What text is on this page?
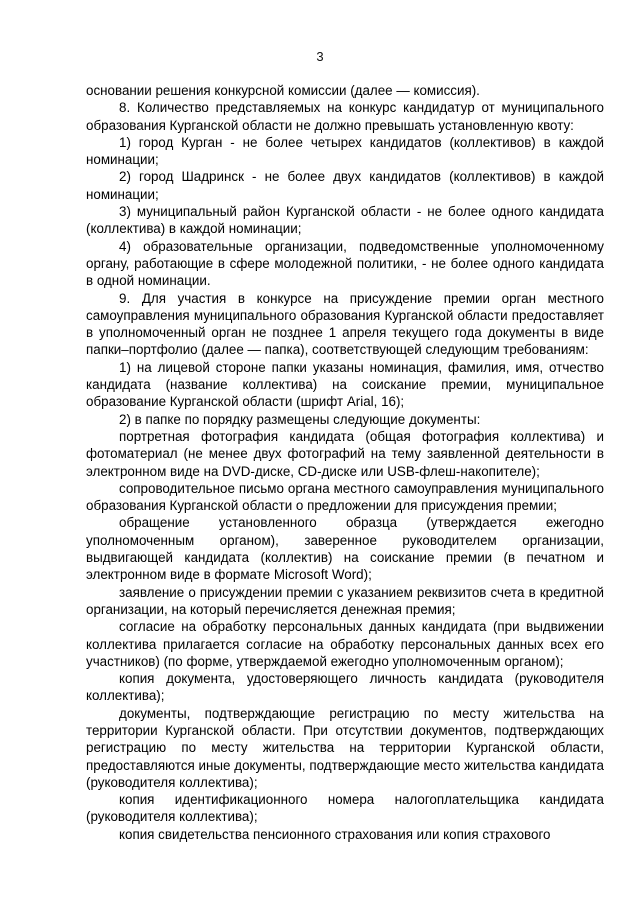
3

основании решения конкурсной комиссии (далее — комиссия).

8. Количество представляемых на конкурс кандидатур от муниципального образования Курганской области не должно превышать установленную квоту:

1) город Курган - не более четырех кандидатов (коллективов) в каждой номинации;

2) город Шадринск - не более двух кандидатов (коллективов) в каждой номинации;

3) муниципальный район Курганской области - не более одного кандидата (коллектива) в каждой номинации;

4) образовательные организации, подведомственные уполномоченному органу, работающие в сфере молодежной политики, - не более одного кандидата в одной номинации.

9. Для участия в конкурсе на присуждение премии орган местного самоуправления муниципального образования Курганской области предоставляет в уполномоченный орган не позднее 1 апреля текущего года документы в виде папки–портфолио (далее — папка), соответствующей следующим требованиям:

1) на лицевой стороне папки указаны номинация, фамилия, имя, отчество кандидата (название коллектива) на соискание премии, муниципальное образование Курганской области (шрифт Arial, 16);

2) в папке по порядку размещены следующие документы:

портретная фотография кандидата (общая фотография коллектива) и фотоматериал (не менее двух фотографий на тему заявленной деятельности в электронном виде на DVD-диске, CD-диске или USB-флеш-накопителе);

сопроводительное письмо органа местного самоуправления муниципального образования Курганской области о предложении для присуждения премии;

обращение установленного образца (утверждается ежегодно уполномоченным органом), заверенное руководителем организации, выдвигающей кандидата (коллектив) на соискание премии (в печатном и электронном виде в формате Microsoft Word);

заявление о присуждении премии с указанием реквизитов счета в кредитной организации, на который перечисляется денежная премия;

согласие на обработку персональных данных кандидата (при выдвижении коллектива прилагается согласие на обработку персональных данных всех его участников) (по форме, утверждаемой ежегодно уполномоченным органом);

копия документа, удостоверяющего личность кандидата (руководителя коллектива);

документы, подтверждающие регистрацию по месту жительства на территории Курганской области. При отсутствии документов, подтверждающих регистрацию по месту жительства на территории Курганской области, предоставляются иные документы, подтверждающие место жительства кандидата (руководителя коллектива);

копия идентификационного номера налогоплательщика кандидата (руководителя коллектива);

копия свидетельства пенсионного страхования или копия страхового
